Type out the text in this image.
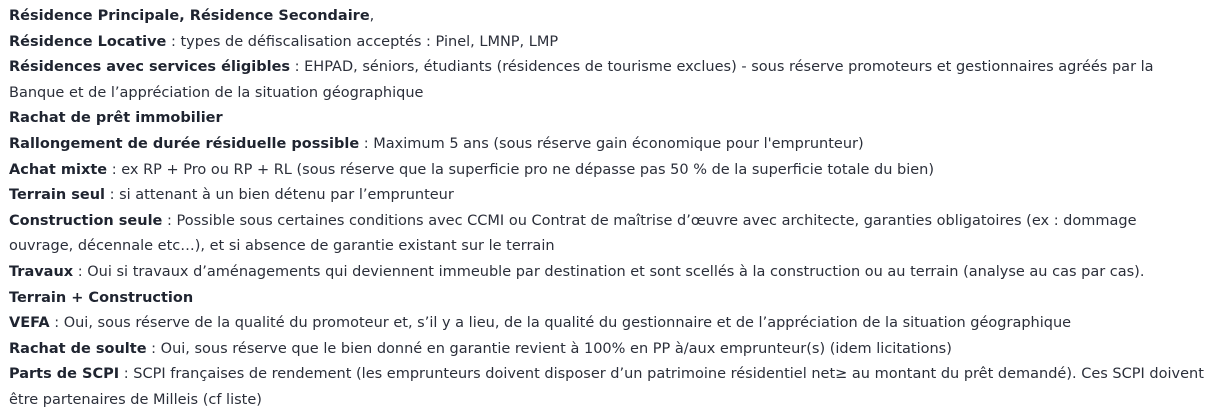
Résidence Principale, Résidence Secondaire,

Résidence Locative : types de défiscalisation acceptés : Pinel, LMNP, LMP

Résidences avec services éligibles : EHPAD, séniors, étudiants (résidences de tourisme exclues) - sous réserve promoteurs et gestionnaires agréés par la Banque et de l’appréciation de la situation géographique

Rachat de prêt immobilier

Rallongement de durée résiduelle possible : Maximum 5 ans (sous réserve gain économique pour l'emprunteur)

Achat mixte : ex RP + Pro ou RP + RL (sous réserve que la superficie pro ne dépasse pas 50 % de la superficie totale du bien)

Terrain seul : si attenant à un bien détenu par l’emprunteur

Construction seule : Possible sous certaines conditions avec CCMI ou Contrat de maîtrise d’œuvre avec architecte, garanties obligatoires (ex : dommage ouvrage, décennale etc…), et si absence de garantie existant sur le terrain

Travaux : Oui si travaux d’aménagements qui deviennent immeuble par destination et sont scellés à la construction ou au terrain (analyse au cas par cas).

Terrain + Construction

VEFA : Oui, sous réserve de la qualité du promoteur et, s’il y a lieu, de la qualité du gestionnaire et de l’appréciation de la situation géographique

Rachat de soulte : Oui, sous réserve que le bien donné en garantie revient à 100% en PP à/aux emprunteur(s) (idem licitations)

Parts de SCPI : SCPI françaises de rendement (les emprunteurs doivent disposer d’un patrimoine résidentiel net≥ au montant du prêt demandé). Ces SCPI doivent être partenaires de Milleis (cf liste)
